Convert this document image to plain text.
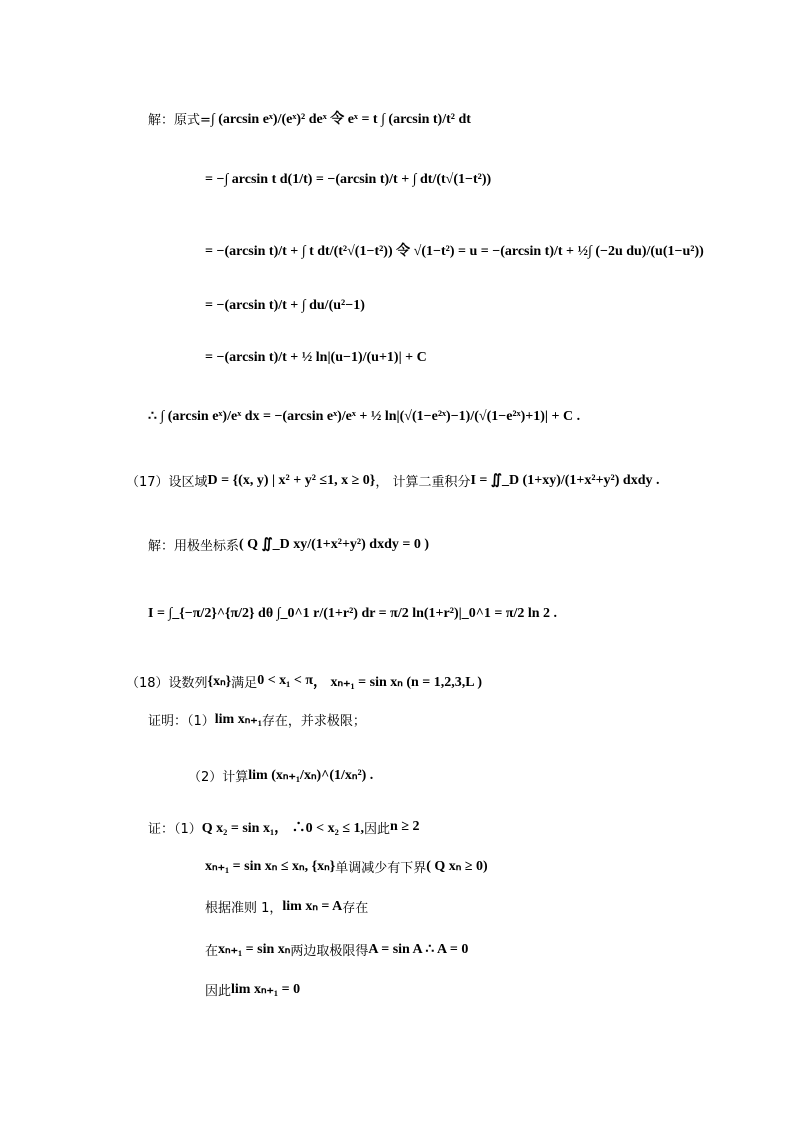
解：原式= ∫ (arcsin eˣ)/(eˣ)² deˣ 令 eˣ = t ∫ (arcsin t)/t² dt
= −∫ arcsin t d(1/t) = −(arcsin t)/t + ∫ dt/(t√(1−t²))
= −(arcsin t)/t + ∫ t dt/(t²√(1−t²)) 令 √(1−t²) = u = −(arcsin t)/t + ½∫ (−2u du)/(u(1−u²))
= −(arcsin t)/t + ∫ du/(u²−1)
= −(arcsin t)/t + ½ ln|(u−1)/(u+1)| + C
∴ ∫ (arcsin eˣ)/eˣ dx = −(arcsin eˣ)/eˣ + ½ ln|(√(1−e²ˣ)−1)/(√(1−e²ˣ)+1)| + C .
（17）设区域 D = {(x, y) | x² + y² ≤1, x ≥ 0} ， 计算二重积分 I = ∬_D (1+xy)/(1+x²+y²) dxdy .
解：用极坐标系 ( Q ∬_D xy/(1+x²+y²) dxdy = 0 )
I = ∫_{−π/2}^{π/2} dθ ∫_0^1 r/(1+r²) dr = π/2 ln(1+r²)|_0^1 = π/2 ln 2 .
（18）设数列 {xₙ} 满足 0 < x₁ < π ， xₙ₊₁ = sin xₙ (n = 1,2,3,L )
证明：（1） lim xₙ₊₁ 存在，并求极限；
（2）计算 lim (xₙ₊₁/xₙ)^(1/xₙ²) .
证：（1） Q x₂ = sin x₁， ∴0 < x₂ ≤ 1, 因此 n ≥ 2
xₙ₊₁ = sin xₙ ≤ xₙ, {xₙ} 单调减少有下界 ( Q xₙ ≥ 0)
根据准则 1， lim xₙ = A 存在
在 xₙ₊₁ = sin xₙ 两边取极限得 A = sin A ∴ A = 0
因此 lim xₙ₊₁ = 0
